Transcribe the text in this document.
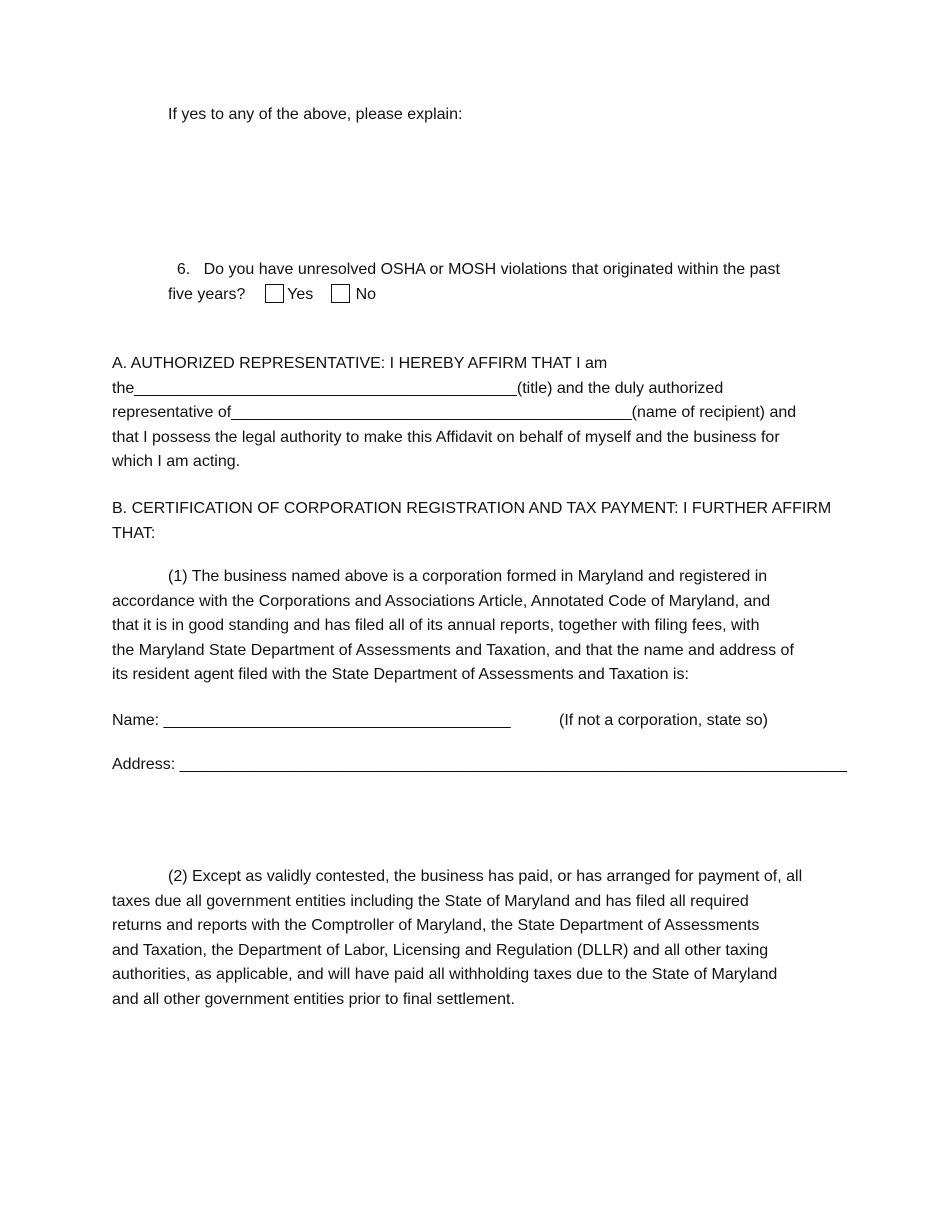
If yes to any of the above, please explain:

6. Do you have unresolved OSHA or MOSH violations that originated within the past
five years?	Yes	No
A. AUTHORIZED REPRESENTATIVE: I HEREBY AFFIRM THAT I am
the___________________________________________(title) and the duly authorized
representative of_____________________________________________(name of recipient) and
that I possess the legal authority to make this Affidavit on behalf of myself and the business for
which I am acting.
B. CERTIFICATION OF CORPORATION REGISTRATION AND TAX PAYMENT: I FURTHER AFFIRM
THAT:
(1) The business named above is a corporation formed in Maryland and registered in
accordance with the Corporations and Associations Article, Annotated Code of Maryland, and
that it is in good standing and has filed all of its annual reports, together with filing fees, with
the Maryland State Department of Assessments and Taxation, and that the name and address of
its resident agent filed with the State Department of Assessments and Taxation is:

Name: _______________________________________	(If not a corporation, state so)

Address: ___________________________________________________________________________

(2) Except as validly contested, the business has paid, or has arranged for payment of, all
taxes due all government entities including the State of Maryland and has filed all required
returns and reports with the Comptroller of Maryland, the State Department of Assessments
and Taxation, the Department of Labor, Licensing and Regulation (DLLR) and all other taxing
authorities, as applicable, and will have paid all withholding taxes due to the State of Maryland
and all other government entities prior to final settlement.
